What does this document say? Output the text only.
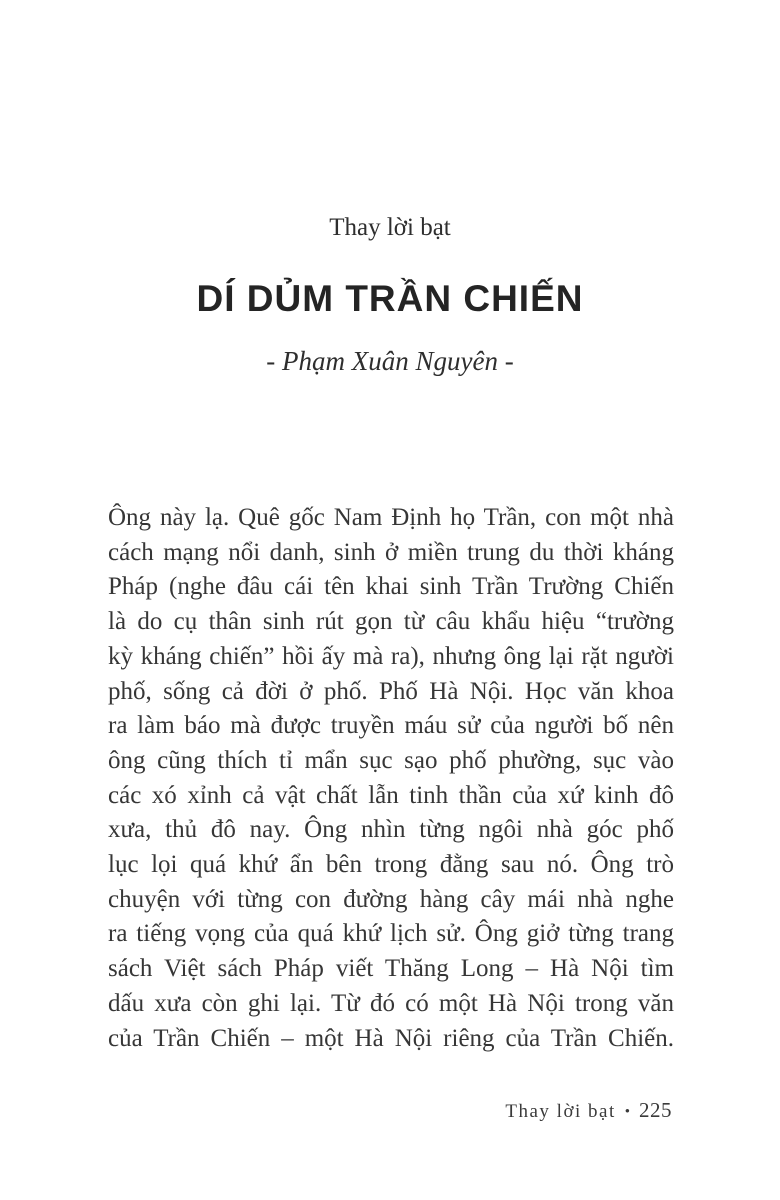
Thay lời bạt
DÍ DỦM TRẦN CHIẾN
- Phạm Xuân Nguyên -
Ông này lạ. Quê gốc Nam Định họ Trần, con một nhà
cách mạng nổi danh, sinh ở miền trung du thời kháng
Pháp (nghe đâu cái tên khai sinh Trần Trường Chiến
là do cụ thân sinh rút gọn từ câu khẩu hiệu “trường
kỳ kháng chiến” hồi ấy mà ra), nhưng ông lại rặt người
phố, sống cả đời ở phố. Phố Hà Nội. Học văn khoa
ra làm báo mà được truyền máu sử của người bố nên
ông cũng thích tỉ mẩn sục sạo phố phường, sục vào
các xó xỉnh cả vật chất lẫn tinh thần của xứ kinh đô
xưa, thủ đô nay. Ông nhìn từng ngôi nhà góc phố
lục lọi quá khứ ẩn bên trong đằng sau nó. Ông trò
chuyện với từng con đường hàng cây mái nhà nghe
ra tiếng vọng của quá khứ lịch sử. Ông giở từng trang
sách Việt sách Pháp viết Thăng Long – Hà Nội tìm
dấu xưa còn ghi lại. Từ đó có một Hà Nội trong văn
của Trần Chiến – một Hà Nội riêng của Trần Chiến.
Thay lời bạt • 225
